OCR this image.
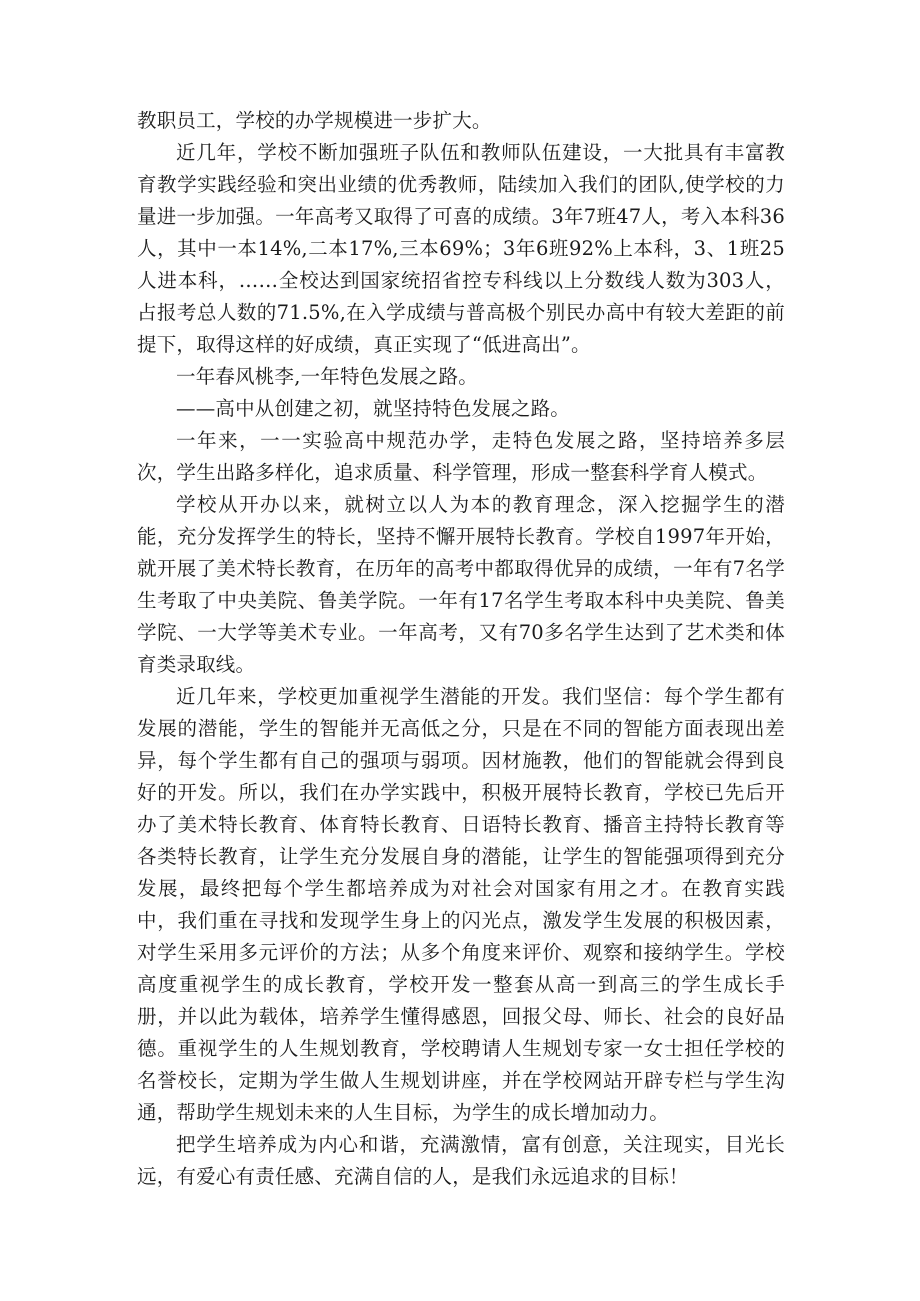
教职员工，学校的办学规模进一步扩大。

近几年，学校不断加强班子队伍和教师队伍建设，一大批具有丰富教育教学实践经验和突出业绩的优秀教师，陆续加入我们的团队,使学校的力量进一步加强。一年高考又取得了可喜的成绩。3年7班47人，考入本科36人，其中一本14%,二本17%,三本69%；3年6班92%上本科，3、1班25人进本科，……全校达到国家统招省控专科线以上分数线人数为303人，占报考总人数的71.5%,在入学成绩与普高极个别民办高中有较大差距的前提下，取得这样的好成绩，真正实现了“低进高出”。

一年春风桃李,一年特色发展之路。

——高中从创建之初，就坚持特色发展之路。

一年来，一一实验高中规范办学，走特色发展之路，坚持培养多层次，学生出路多样化，追求质量、科学管理，形成一整套科学育人模式。

学校从开办以来，就树立以人为本的教育理念，深入挖掘学生的潜能，充分发挥学生的特长，坚持不懈开展特长教育。学校自1997年开始，就开展了美术特长教育，在历年的高考中都取得优异的成绩，一年有7名学生考取了中央美院、鲁美学院。一年有17名学生考取本科中央美院、鲁美学院、一大学等美术专业。一年高考，又有70多名学生达到了艺术类和体育类录取线。

近几年来，学校更加重视学生潜能的开发。我们坚信：每个学生都有发展的潜能，学生的智能并无高低之分，只是在不同的智能方面表现出差异，每个学生都有自己的强项与弱项。因材施教，他们的智能就会得到良好的开发。所以，我们在办学实践中，积极开展特长教育，学校已先后开办了美术特长教育、体育特长教育、日语特长教育、播音主持特长教育等各类特长教育，让学生充分发展自身的潜能，让学生的智能强项得到充分发展，最终把每个学生都培养成为对社会对国家有用之才。在教育实践中，我们重在寻找和发现学生身上的闪光点，激发学生发展的积极因素，对学生采用多元评价的方法；从多个角度来评价、观察和接纳学生。学校高度重视学生的成长教育，学校开发一整套从高一到高三的学生成长手册，并以此为载体，培养学生懂得感恩，回报父母、师长、社会的良好品德。重视学生的人生规划教育，学校聘请人生规划专家一女士担任学校的名誉校长，定期为学生做人生规划讲座，并在学校网站开辟专栏与学生沟通，帮助学生规划未来的人生目标，为学生的成长增加动力。

把学生培养成为内心和谐，充满激情，富有创意，关注现实，目光长远，有爱心有责任感、充满自信的人，是我们永远追求的目标！
